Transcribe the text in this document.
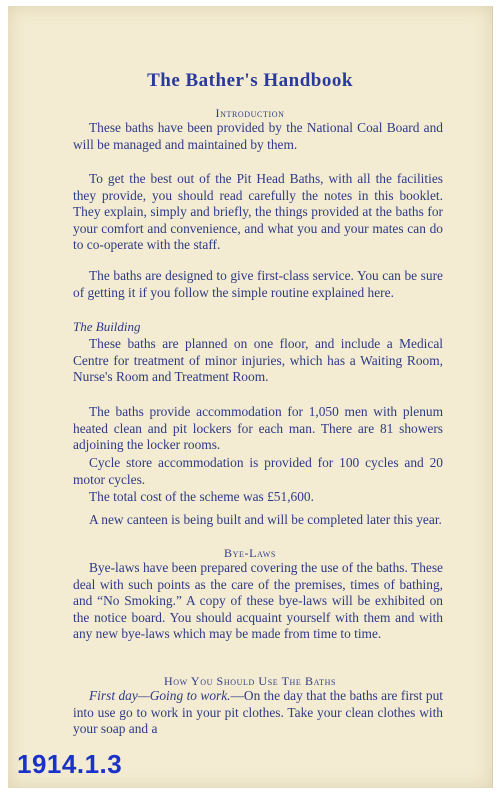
The Bather's Handbook
Introduction
These baths have been provided by the National Coal Board and will be managed and maintained by them.
To get the best out of the Pit Head Baths, with all the facilities they provide, you should read carefully the notes in this booklet. They explain, simply and briefly, the things provided at the baths for your comfort and convenience, and what you and your mates can do to co-operate with the staff.
The baths are designed to give first-class service. You can be sure of getting it if you follow the simple routine explained here.
The Building
These baths are planned on one floor, and include a Medical Centre for treatment of minor injuries, which has a Waiting Room, Nurse's Room and Treatment Room.
The baths provide accommodation for 1,050 men with plenum heated clean and pit lockers for each man. There are 81 showers adjoining the locker rooms.
Cycle store accommodation is provided for 100 cycles and 20 motor cycles.
The total cost of the scheme was £51,600.
A new canteen is being built and will be completed later this year.
Bye-Laws
Bye-laws have been prepared covering the use of the baths. These deal with such points as the care of the premises, times of bathing, and “No Smoking.” A copy of these bye-laws will be exhibited on the notice board. You should acquaint yourself with them and with any new bye-laws which may be made from time to time.
How You Should Use The Baths
First day—Going to work.—On the day that the baths are first put into use go to work in your pit clothes. Take your clean clothes with your soap and a
1914.1.3
